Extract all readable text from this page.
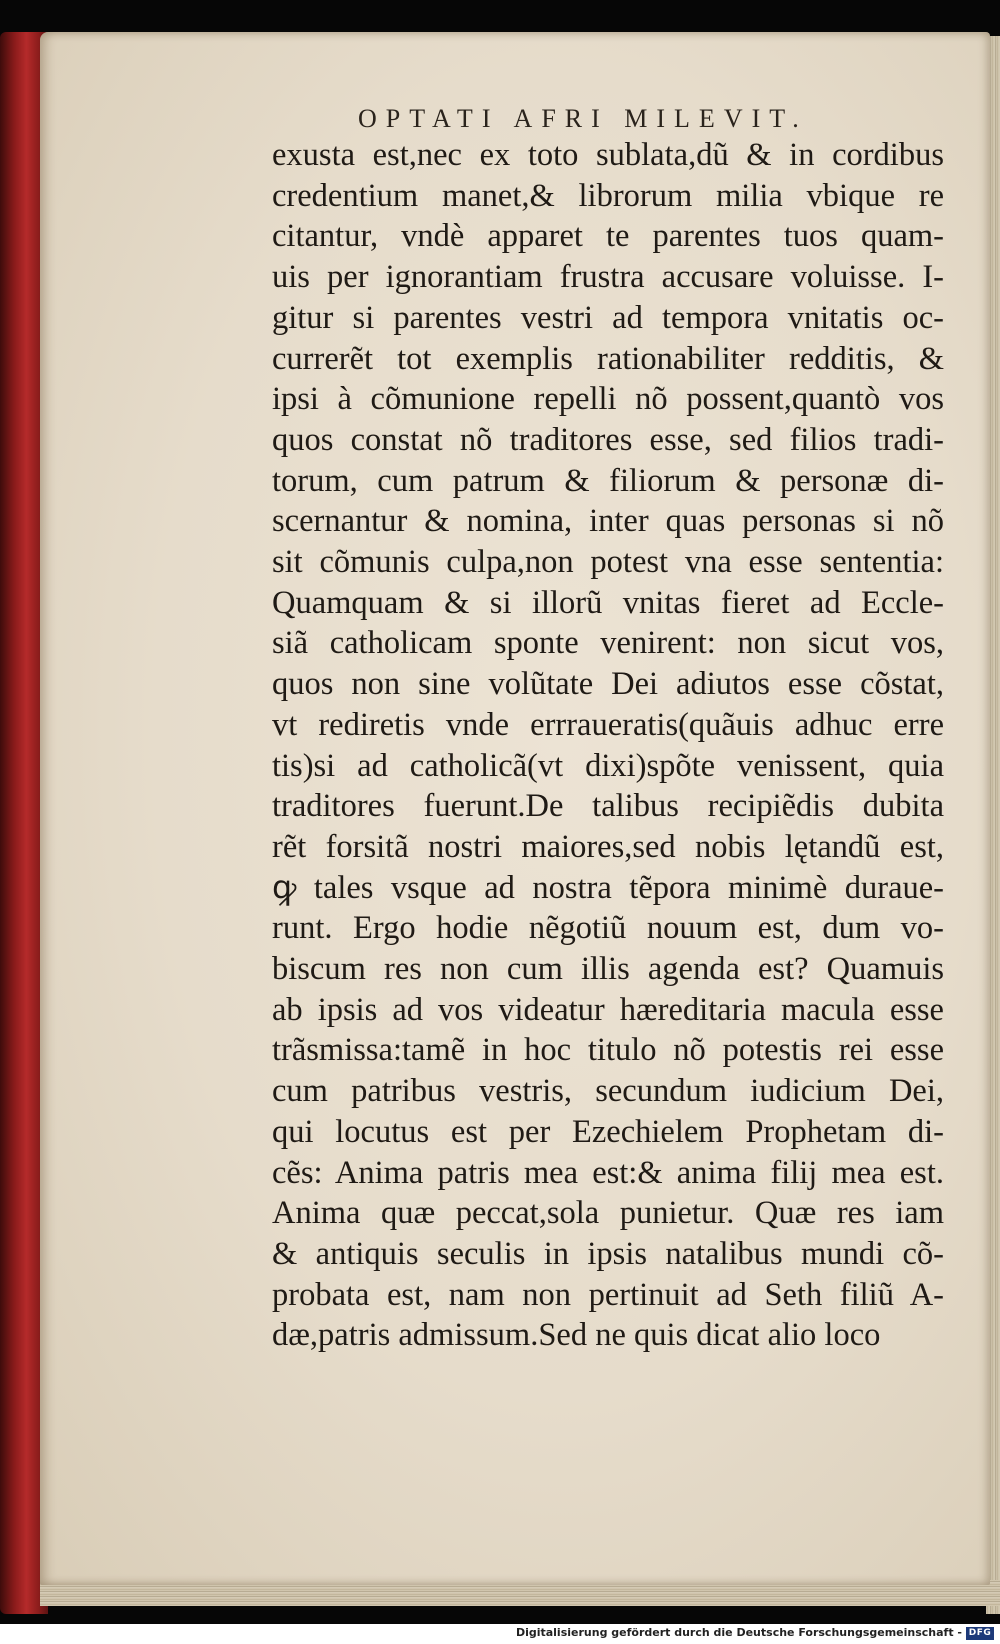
OPTATI AFRI MILEVIT.
exusta est,nec ex toto sublata,dũ & in cordibus
credentium manet,& librorum milia vbique re
citantur, vndè apparet te parentes tuos quam-
uis per ignorantiam frustra accusare voluisse. I-
gitur si parentes vestri ad tempora vnitatis oc-
currerẽt tot exemplis rationabiliter redditis, &
ipsi à cõmunione repelli nõ possent,quantò vos
quos constat nõ traditores esse, sed filios tradi-
torum, cum patrum & filiorum & personæ di-
scernantur & nomina, inter quas personas si nõ
sit cõmunis culpa,non potest vna esse sententia:
Quamquam & si illorũ vnitas fieret ad Eccle-
siã catholicam sponte venirent: non sicut vos,
quos non sine volũtate Dei adiutos esse cõstat,
vt rediretis vnde errraueratis(quãuis adhuc erre
tis)si ad catholicã(vt dixi)spõte venissent, quia
traditores fuerunt.De talibus recipiẽdis dubita
rẽt forsitã nostri maiores,sed nobis lętandũ est,
ꝙ tales vsque ad nostra tẽpora minimè duraue-
runt. Ergo hodie nẽgotiũ nouum est, dum vo-
biscum res non cum illis agenda est? Quamuis
ab ipsis ad vos videatur hæreditaria macula esse
trãsmissa:tamẽ in hoc titulo nõ potestis rei esse
cum patribus vestris, secundum iudicium Dei,
qui locutus est per Ezechielem Prophetam di-
cẽs: Anima patris mea est:& anima filij mea est.
Anima quæ peccat,sola punietur. Quæ res iam
& antiquis seculis in ipsis natalibus mundi cõ-
probata est, nam non pertinuit ad Seth filiũ A-
dæ,patris admissum.Sed ne quis dicat alio loco
Digitalisierung gefördert durch die Deutsche Forschungsgemeinschaft - DFG
